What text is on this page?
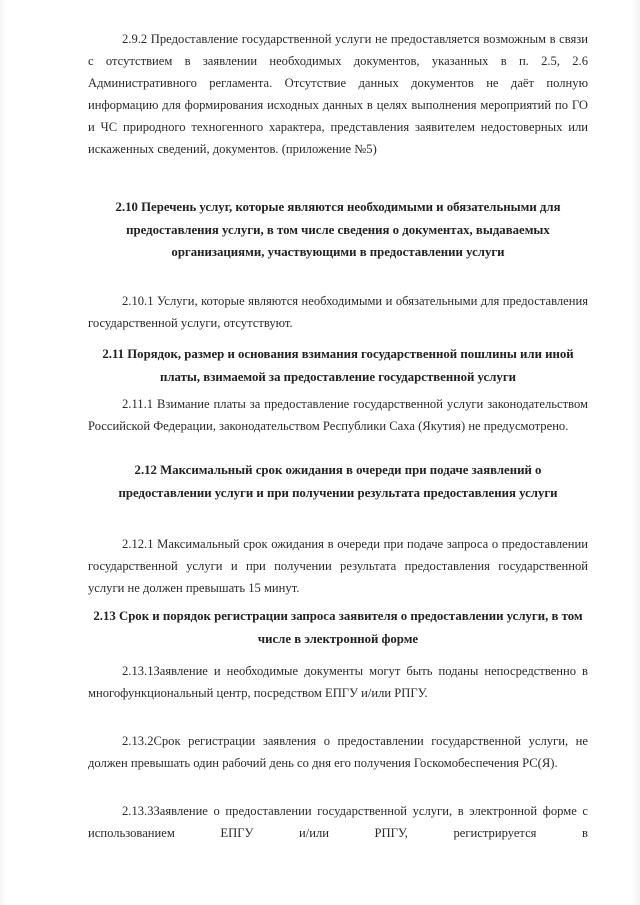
2.9.2 Предоставление государственной услуги не предоставляется возможным в связи с отсутствием в заявлении необходимых документов, указанных в п. 2.5, 2.6 Административного регламента. Отсутствие данных документов не даёт полную информацию для формирования исходных данных в целях выполнения мероприятий по ГО и ЧС природного техногенного характера, представления заявителем недостоверных или искаженных сведений, документов. (приложение №5)

2.10 Перечень услуг, которые являются необходимыми и обязательными для предоставления услуги, в том числе сведения о документах, выдаваемых организациями, участвующими в предоставлении услуги

2.10.1 Услуги, которые являются необходимыми и обязательными для предоставления государственной услуги, отсутствуют.

2.11 Порядок, размер и основания взимания государственной пошлины или иной платы, взимаемой за предоставление государственной услуги

2.11.1 Взимание платы за предоставление государственной услуги законодательством Российской Федерации, законодательством Республики Саха (Якутия) не предусмотрено.

2.12 Максимальный срок ожидания в очереди при подаче заявлений о предоставлении услуги и при получении результата предоставления услуги

2.12.1 Максимальный срок ожидания в очереди при подаче запроса о предоставлении государственной услуги и при получении результата предоставления государственной услуги не должен превышать 15 минут.

2.13 Срок и порядок регистрации запроса заявителя о предоставлении услуги, в том числе в электронной форме

2.13.1Заявление и необходимые документы могут быть поданы непосредственно в многофункциональный центр, посредством ЕПГУ и/или РПГУ.

2.13.2Срок регистрации заявления о предоставлении государственной услуги, не должен превышать один рабочий день со дня его получения Госкомобеспечения РС(Я).

2.13.3Заявление о предоставлении государственной услуги, в электронной форме с использованием ЕПГУ и/или РПГУ, регистрируется в
